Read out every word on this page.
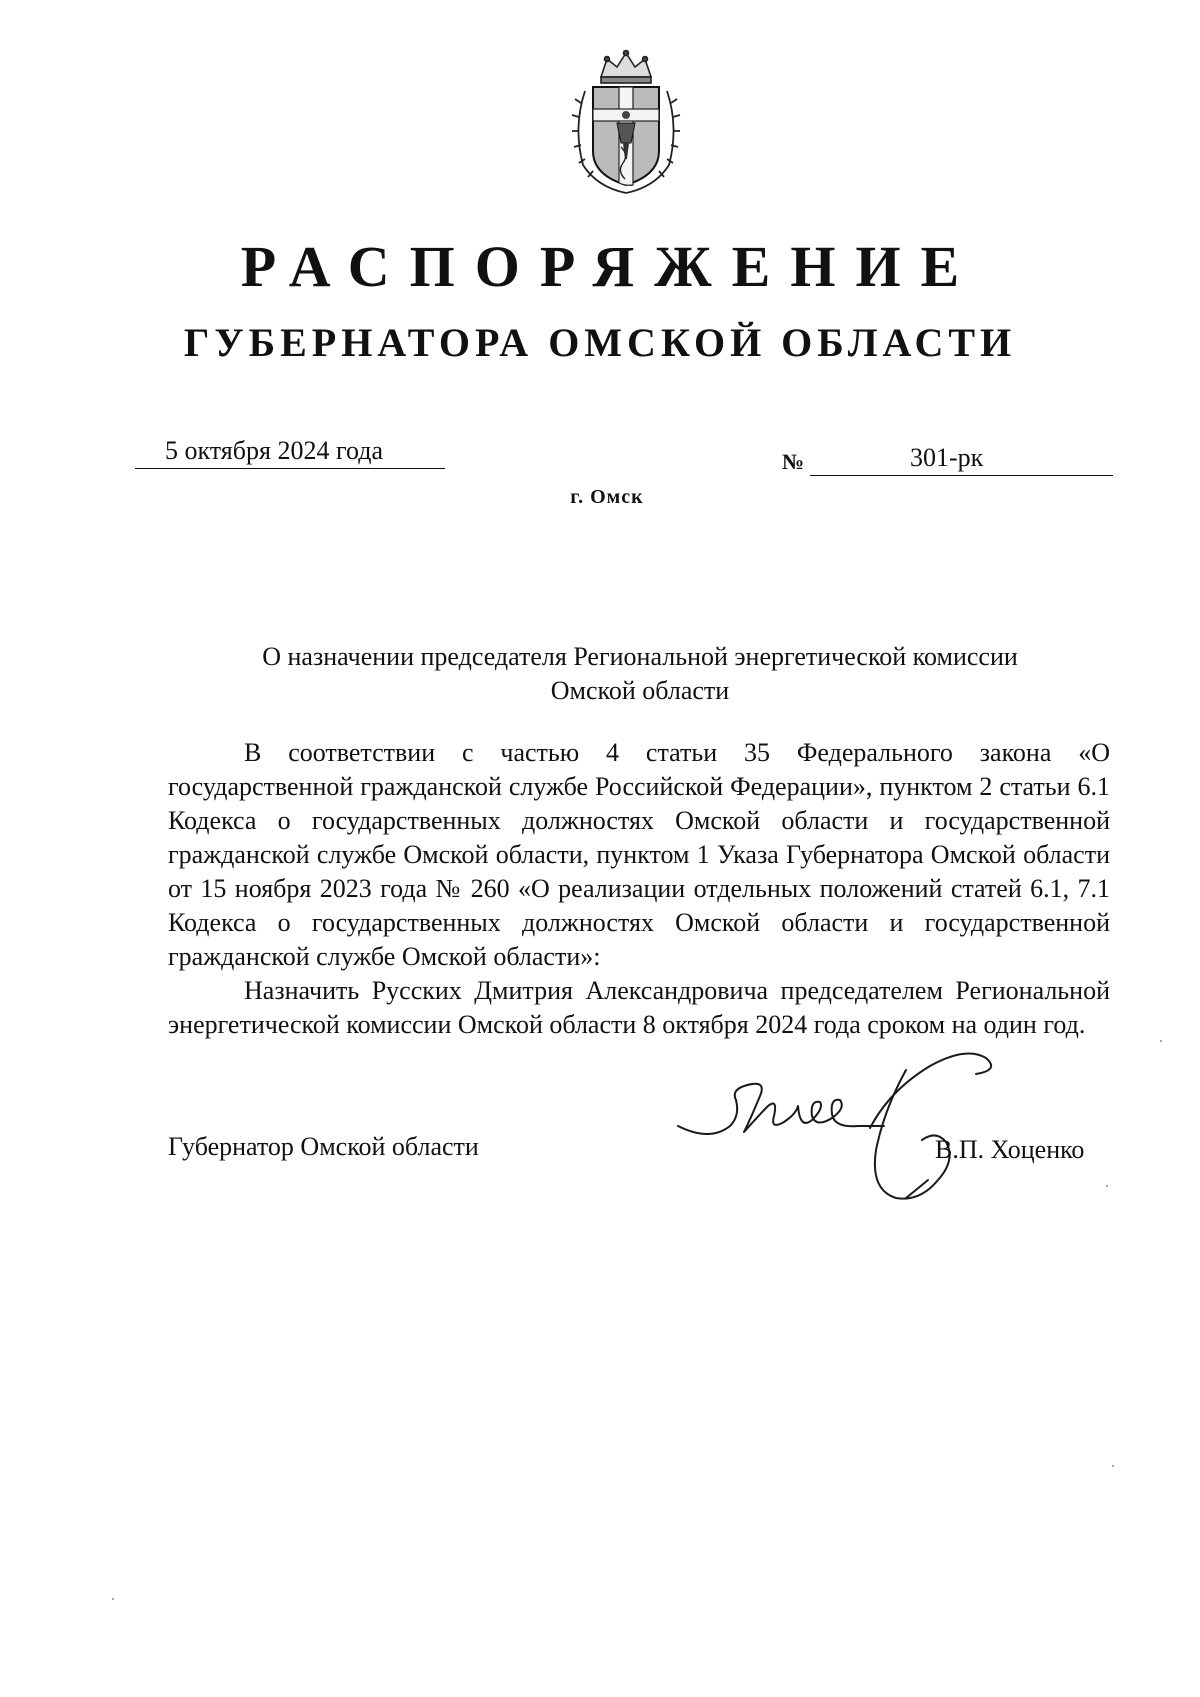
РАСПОРЯЖЕНИЕ
ГУБЕРНАТОРА ОМСКОЙ ОБЛАСТИ
5 октября 2024 года	№	301-рк
г. Омск
О назначении председателя Региональной энергетической комиссии
Омской области

В соответствии с частью 4 статьи 35 Федерального закона «О государственной гражданской службе Российской Федерации», пунктом 2 статьи 6.1 Кодекса о государственных должностях Омской области и государственной гражданской службе Омской области, пунктом 1 Указа Губернатора Омской области от 15 ноября 2023 года № 260 «О реализации отдельных положений статей 6.1, 7.1 Кодекса о государственных должностях Омской области и государственной гражданской службе Омской области»:

Назначить Русских Дмитрия Александровича председателем Региональной энергетической комиссии Омской области 8 октября 2024 года сроком на один год.

Губернатор Омской области	В.П. Хоценко
